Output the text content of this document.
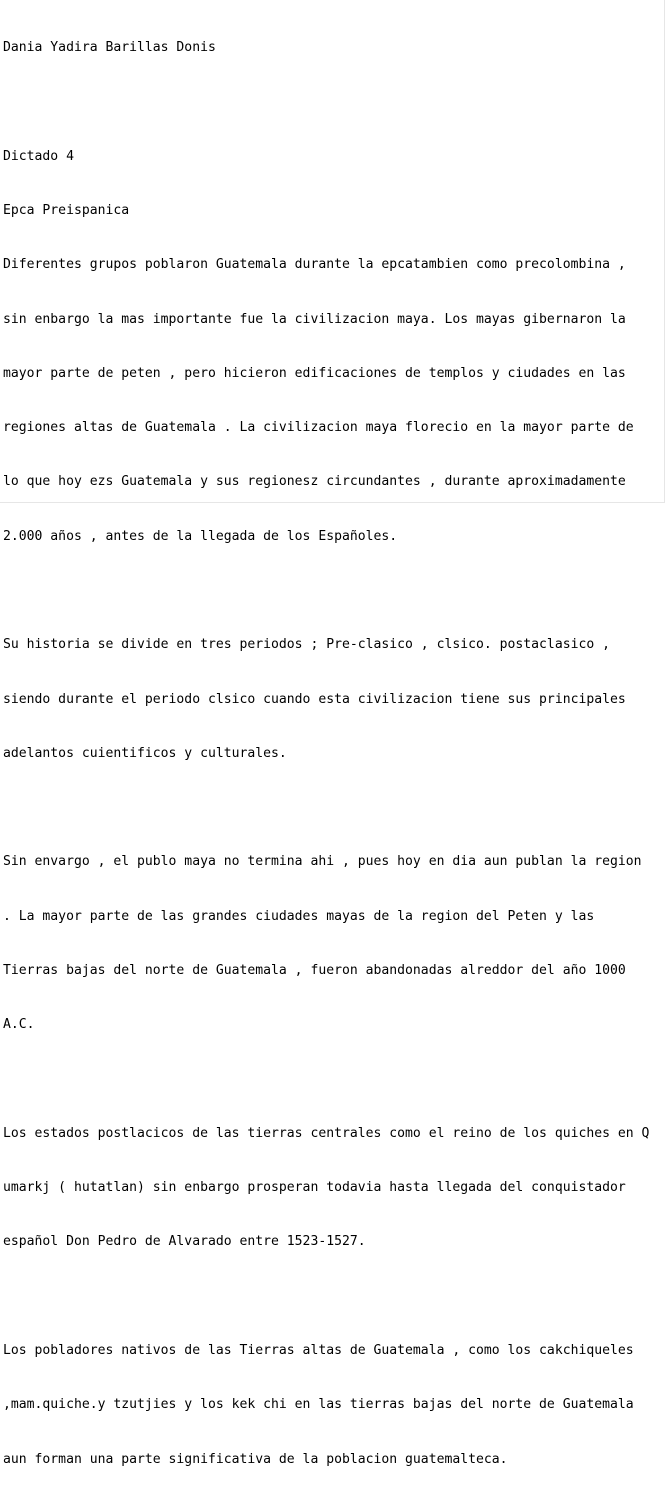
Dania Yadira Barillas Donis

Dictado 4

Epca Preispanica

Diferentes grupos poblaron Guatemala durante la epcatambien como precolombina ,

sin enbargo la mas importante fue la civilizacion maya. Los mayas gibernaron la

mayor parte de peten , pero hicieron edificaciones de templos y ciudades en las

regiones altas de Guatemala . La civilizacion maya florecio en la mayor parte de

lo que hoy ezs Guatemala y sus regionesz circundantes , durante aproximadamente

2.000 años , antes de la llegada de los Españoles.

Su historia se divide en tres periodos ; Pre-clasico , clsico. postaclasico ,

siendo durante el periodo clsico cuando esta civilizacion tiene sus principales

adelantos cuientificos y culturales.

Sin envargo , el publo maya no termina ahi , pues hoy en dia aun publan la region

. La mayor parte de las grandes ciudades mayas de la region del Peten y las

Tierras bajas del norte de Guatemala , fueron abandonadas alreddor del año 1000

A.C.

Los estados postlacicos de las tierras centrales como el reino de los quiches en Q

umarkj ( hutatlan) sin enbargo prosperan todavia hasta llegada del conquistador

español Don Pedro de Alvarado entre 1523-1527.

Los pobladores nativos de las Tierras altas de Guatemala , como los cakchiqueles

,mam.quiche.y tzutjies y los kek chi en las tierras bajas del norte de Guatemala

aun forman una parte significativa de la poblacion guatemalteca.
